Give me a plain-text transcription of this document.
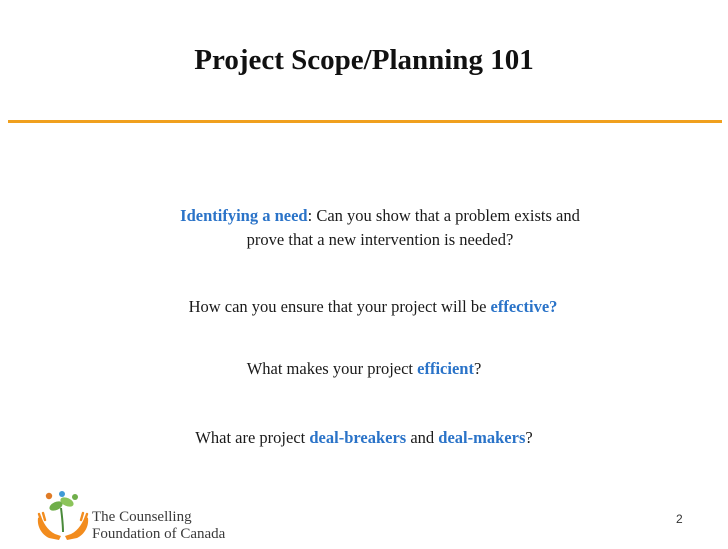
Project Scope/Planning 101
Identifying a need: Can you show that a problem exists and
prove that a new intervention is needed?
How can you ensure that your project will be effective?
What makes your project efficient?
What are project deal-breakers and deal-makers?
The Counselling
Foundation of Canada
2
